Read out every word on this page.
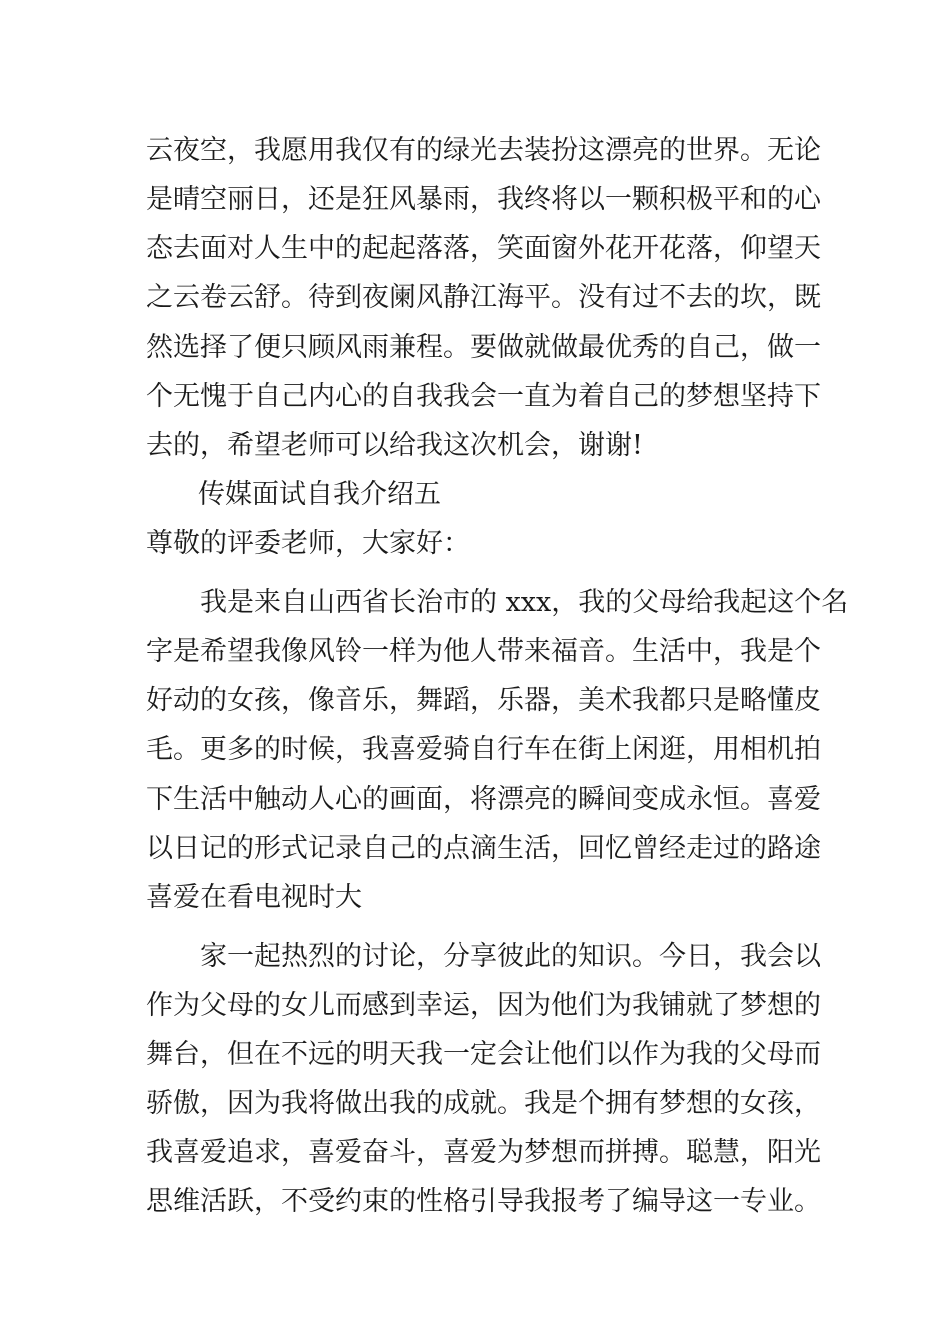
云夜空，我愿用我仅有的绿光去装扮这漂亮的世界。无论
是晴空丽日，还是狂风暴雨，我终将以一颗积极平和的心
态去面对人生中的起起落落，笑面窗外花开花落，仰望天
之云卷云舒。待到夜阑风静江海平。没有过不去的坎，既
然选择了便只顾风雨兼程。要做就做最优秀的自己，做一
个无愧于自己内心的自我我会一直为着自己的梦想坚持下
去的，希望老师可以给我这次机会，谢谢!
传媒面试自我介绍五
尊敬的评委老师，大家好：
我是来自山西省长治市的 xxx，我的父母给我起这个名
字是希望我像风铃一样为他人带来福音。生活中，我是个
好动的女孩，像音乐，舞蹈，乐器，美术我都只是略懂皮
毛。更多的时候，我喜爱骑自行车在街上闲逛，用相机拍
下生活中触动人心的画面，将漂亮的瞬间变成永恒。喜爱
以日记的形式记录自己的点滴生活，回忆曾经走过的路途
喜爱在看电视时大
家一起热烈的讨论，分享彼此的知识。今日，我会以
作为父母的女儿而感到幸运，因为他们为我铺就了梦想的
舞台，但在不远的明天我一定会让他们以作为我的父母而
骄傲，因为我将做出我的成就。我是个拥有梦想的女孩，
我喜爱追求，喜爱奋斗，喜爱为梦想而拼搏。聪慧，阳光
思维活跃，不受约束的性格引导我报考了编导这一专业。
